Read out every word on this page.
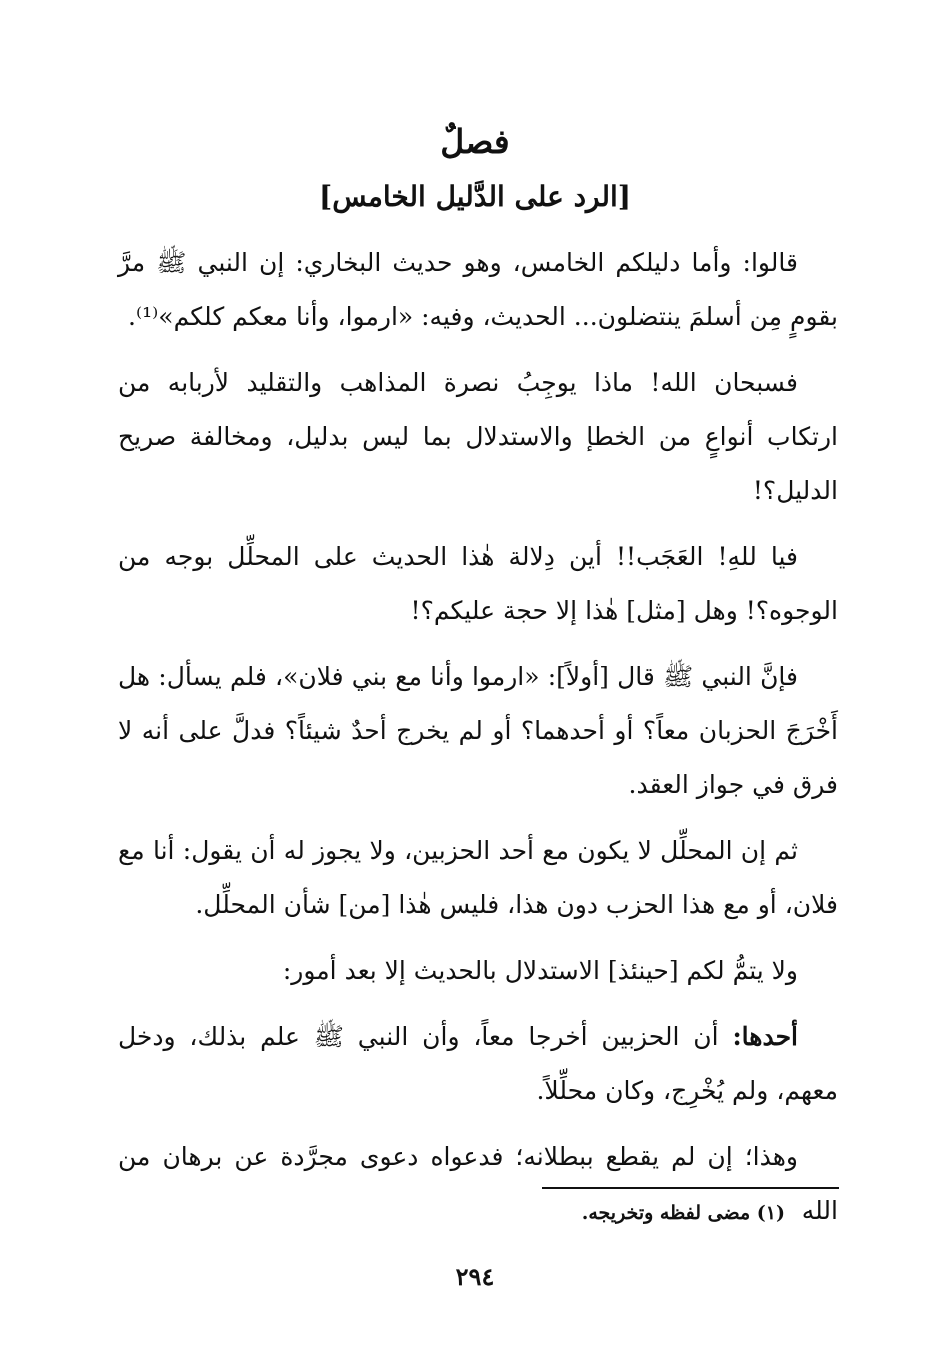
فصلٌ
[الرد على الدَّليل الخامس]

قالوا: وأما دليلكم الخامس، وهو حديث البخاري: إن النبي ﷺ مرَّ بقومٍ مِن أسلمَ ينتضلون... الحديث، وفيه: «ارموا، وأنا معكم كلكم»⁽¹⁾.

فسبحان الله! ماذا يوجِبُ نصرة المذاهب والتقليد لأربابه من ارتكاب أنواعٍ من الخطإ والاستدلال بما ليس بدليل، ومخالفة صريح الدليل؟!

فيا للهِ! العَجَب!! أين دِلالة هٰذا الحديث على المحلِّل بوجه من الوجوه؟! وهل [مثل] هٰذا إلا حجة عليكم؟!

فإنَّ النبي ﷺ قال [أولاً]: «ارموا وأنا مع بني فلان»، فلم يسأل: هل أَخْرَجَ الحزبان معاً؟ أو أحدهما؟ أو لم يخرج أحدٌ شيئاً؟ فدلَّ على أنه لا فرق في جواز العقد.

ثم إن المحلِّل لا يكون مع أحد الحزبين، ولا يجوز له أن يقول: أنا مع فلان، أو مع هذا الحزب دون هذا، فليس هٰذا [من] شأن المحلِّل.

ولا يتمُّ لكم [حينئذ] الاستدلال بالحديث إلا بعد أمور:

أحدها: أن الحزبين أخرجا معاً، وأن النبي ﷺ علم بذلك، ودخل معهم، ولم يُخْرِج، وكان محلِّلاً.

وهذا؛ إن لم يقطع ببطلانه؛ فدعواه دعوى مجرَّدة عن برهان من الله

(١) مضى لفظه وتخريجه.
٢٩٤
